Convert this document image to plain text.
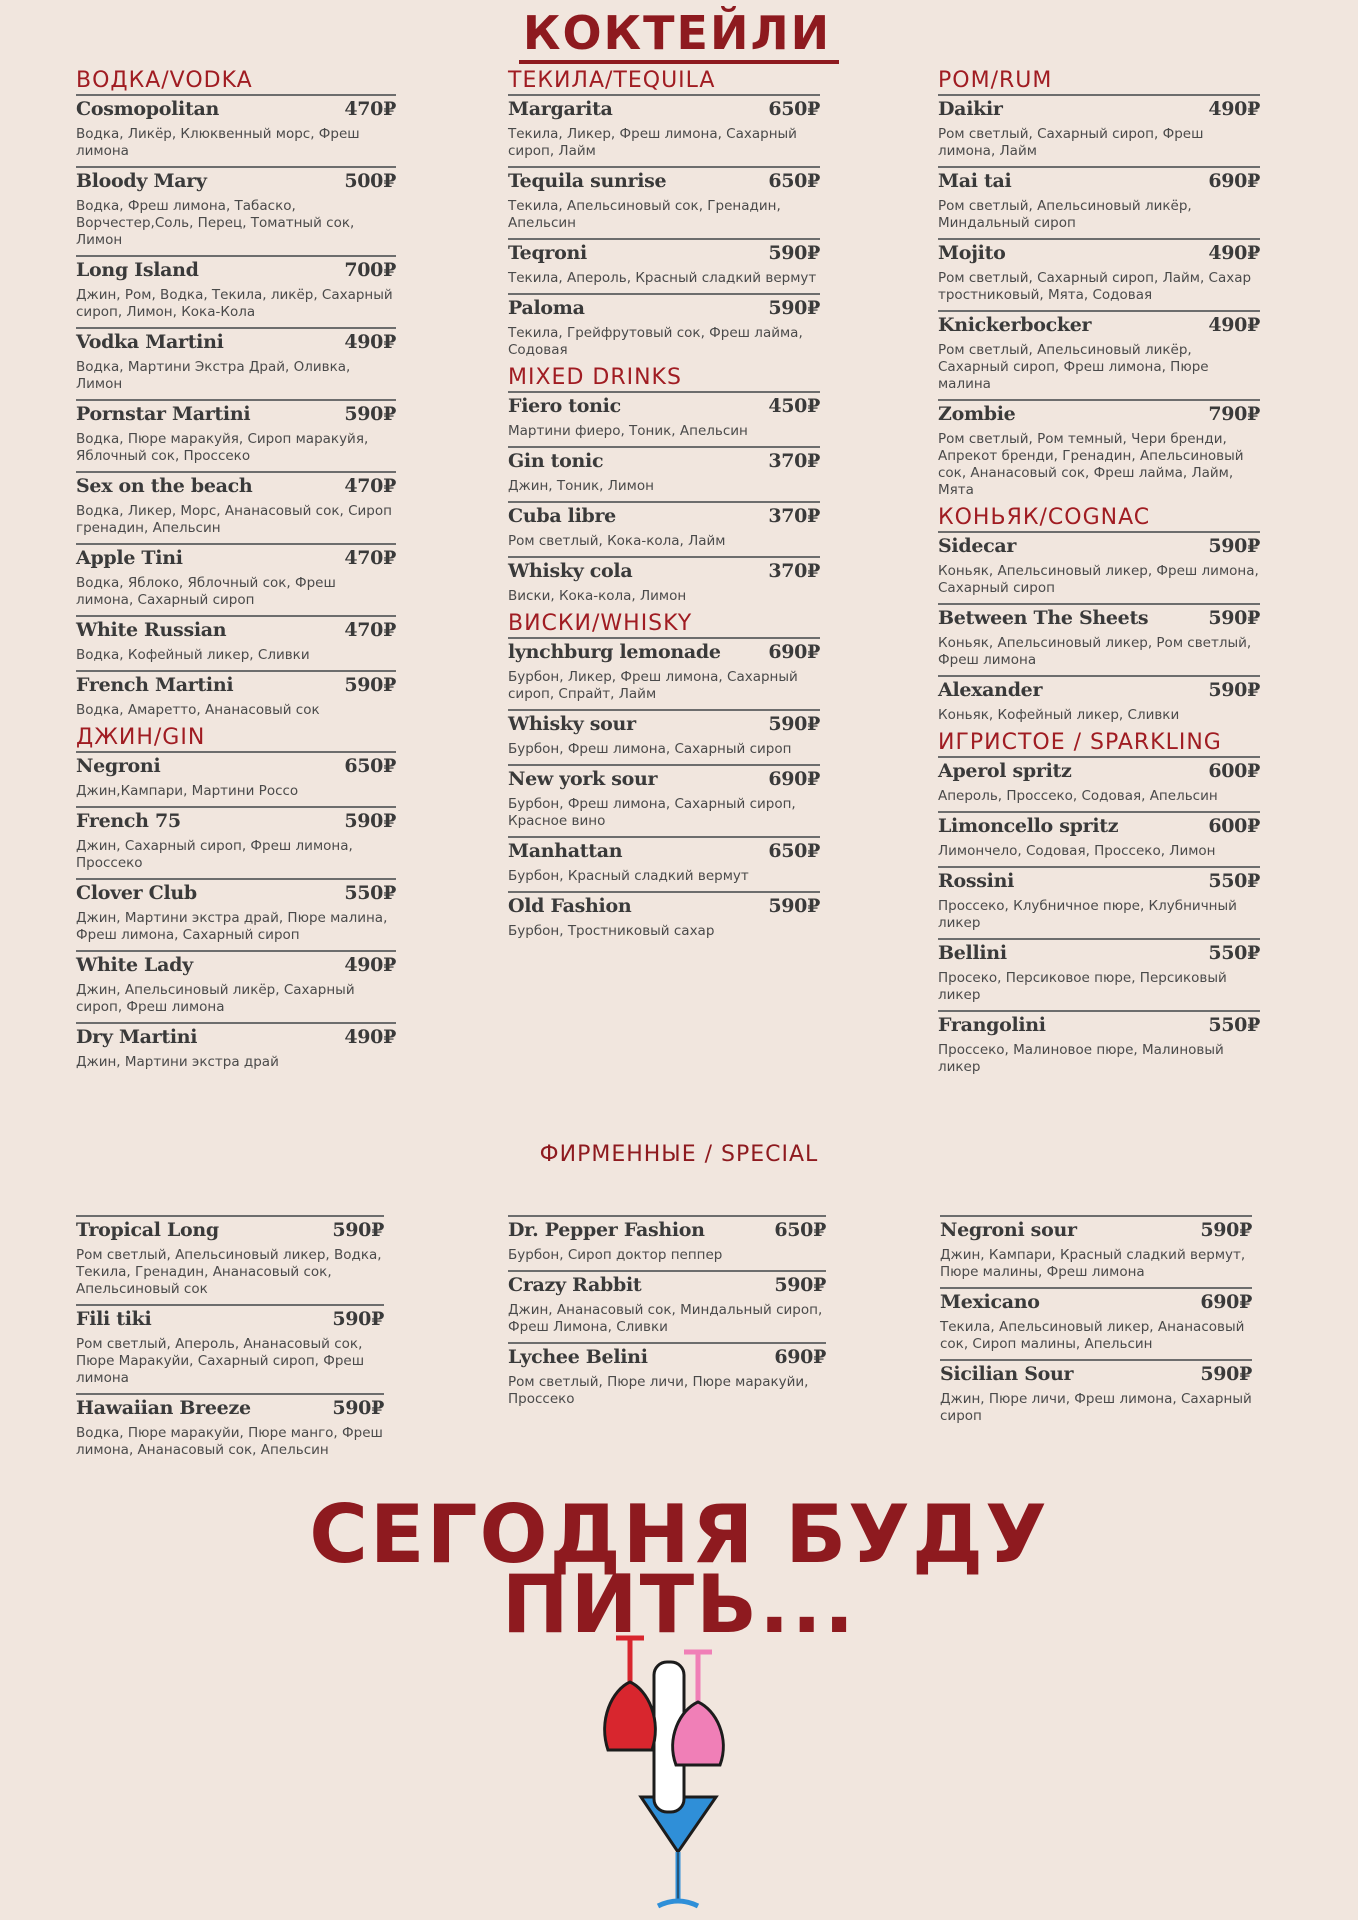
КОКТЕЙЛИ
ВОДКА/VODKA
Cosmopolitan	470₽
Водка, Ликёр, Клюквенный морс, Фреш лимона
Bloody Mary	500₽
Водка, Фреш лимона, Табаско, Ворчестер,Соль, Перец, Томатный сок, Лимон
Long Island	700₽
Джин, Ром, Водка, Текила, ликёр, Сахарный сироп, Лимон, Кока-Кола
Vodka Martini	490₽
Водка, Мартини Экстра Драй, Оливка, Лимон
Pornstar Martini	590₽
Водка, Пюре маракуйя, Сироп маракуйя, Яблочный сок, Проссеко
Sex on the beach	470₽
Водка, Ликер, Морс, Ананасовый сок, Сироп гренадин, Апельсин
Apple Tini	470₽
Водка, Яблоко, Яблочный сок, Фреш лимона, Сахарный сироп
White Russian	470₽
Водка, Кофейный ликер, Сливки
French Martini	590₽
Водка, Амаретто, Ананасовый сок
ДЖИН/GIN
Negroni	650₽
Джин,Кампари, Мартини Россо
French 75	590₽
Джин, Сахарный сироп, Фреш лимона, Проссеко
Clover Club	550₽
Джин, Мартини экстра драй, Пюре малина, Фреш лимона, Сахарный сироп
White Lady	490₽
Джин, Апельсиновый ликёр, Сахарный сироп, Фреш лимона
Dry Martini	490₽
Джин, Мартини экстра драй
ТЕКИЛА/TEQUILA
Margarita	650₽
Текила, Ликер, Фреш лимона, Сахарный сироп, Лайм
Tequila sunrise	650₽
Текила, Апельсиновый сок, Гренадин, Апельсин
Teqroni	590₽
Текила, Апероль, Красный сладкий вермут
Paloma	590₽
Текила, Грейфрутовый сок, Фреш лайма, Содовая
MIXED DRINKS
Fiero tonic	450₽
Мартини фиеро, Тоник, Апельсин
Gin tonic	370₽
Джин, Тоник, Лимон
Cuba libre	370₽
Ром светлый, Кока-кола, Лайм
Whisky cola	370₽
Виски, Кока-кола, Лимон
ВИСКИ/WHISKY
lynchburg lemonade	690₽
Бурбон, Ликер, Фреш лимона, Сахарный сироп, Спрайт, Лайм
Whisky sour	590₽
Бурбон, Фреш лимона, Сахарный сироп
New york sour	690₽
Бурбон, Фреш лимона, Сахарный сироп, Красное вино
Manhattan	650₽
Бурбон, Красный сладкий вермут
Old Fashion	590₽
Бурбон, Тростниковый сахар
РОМ/RUM
Daikir	490₽
Ром светлый, Сахарный сироп, Фреш лимона, Лайм
Mai tai	690₽
Ром светлый, Апельсиновый ликёр, Миндальный сироп
Mojito	490₽
Ром светлый, Сахарный сироп, Лайм, Сахар тростниковый, Мята, Содовая
Knickerbocker	490₽
Ром светлый, Апельсиновый ликёр, Сахарный сироп, Фреш лимона, Пюре малина
Zombie	790₽
Ром светлый, Ром темный, Чери бренди, Апрекот бренди, Гренадин, Апельсиновый сок, Ананасовый сок, Фреш лайма, Лайм, Мята
КОНЬЯК/COGNAC
Sidecar	590₽
Коньяк, Апельсиновый ликер, Фреш лимона, Сахарный сироп
Between The Sheets	590₽
Коньяк, Апельсиновый ликер, Ром светлый, Фреш лимона
Alexander	590₽
Коньяк, Кофейный ликер, Сливки
ИГРИСТОЕ / SPARKLING
Aperol spritz	600₽
Апероль, Проссеко, Содовая, Апельсин
Limoncello spritz	600₽
Лимончело, Содовая, Проссеко, Лимон
Rossini	550₽
Проссеко, Клубничное пюре, Клубничный ликер
Bellini	550₽
Просеко, Персиковое пюре, Персиковый ликер
Frangolini	550₽
Проссеко, Малиновое пюре, Малиновый ликер
ФИРМЕННЫЕ / SPECIAL
Tropical Long	590₽
Ром светлый, Апельсиновый ликер, Водка, Текила, Гренадин, Ананасовый сок, Апельсиновый сок
Fili tiki	590₽
Ром светлый, Апероль, Ананасовый сок, Пюре Маракуйи, Сахарный сироп, Фреш лимона
Hawaiian Breeze	590₽
Водка, Пюре маракуйи, Пюре манго, Фреш лимона, Ананасовый сок, Апельсин
Dr. Pepper Fashion	650₽
Бурбон, Сироп доктор пеппер
Crazy Rabbit	590₽
Джин, Ананасовый сок, Миндальный сироп, Фреш Лимона, Сливки
Lychee Belini	690₽
Ром светлый, Пюре личи, Пюре маракуйи, Проссеко
Negroni sour	590₽
Джин, Кампари, Красный сладкий вермут, Пюре малины, Фреш лимона
Mexicano	690₽
Текила, Апельсиновый ликер, Ананасовый сок, Сироп малины, Апельсин
Sicilian Sour	590₽
Джин, Пюре личи, Фреш лимона, Сахарный сироп
СЕГОДНЯ БУДУ
ПИТЬ...
